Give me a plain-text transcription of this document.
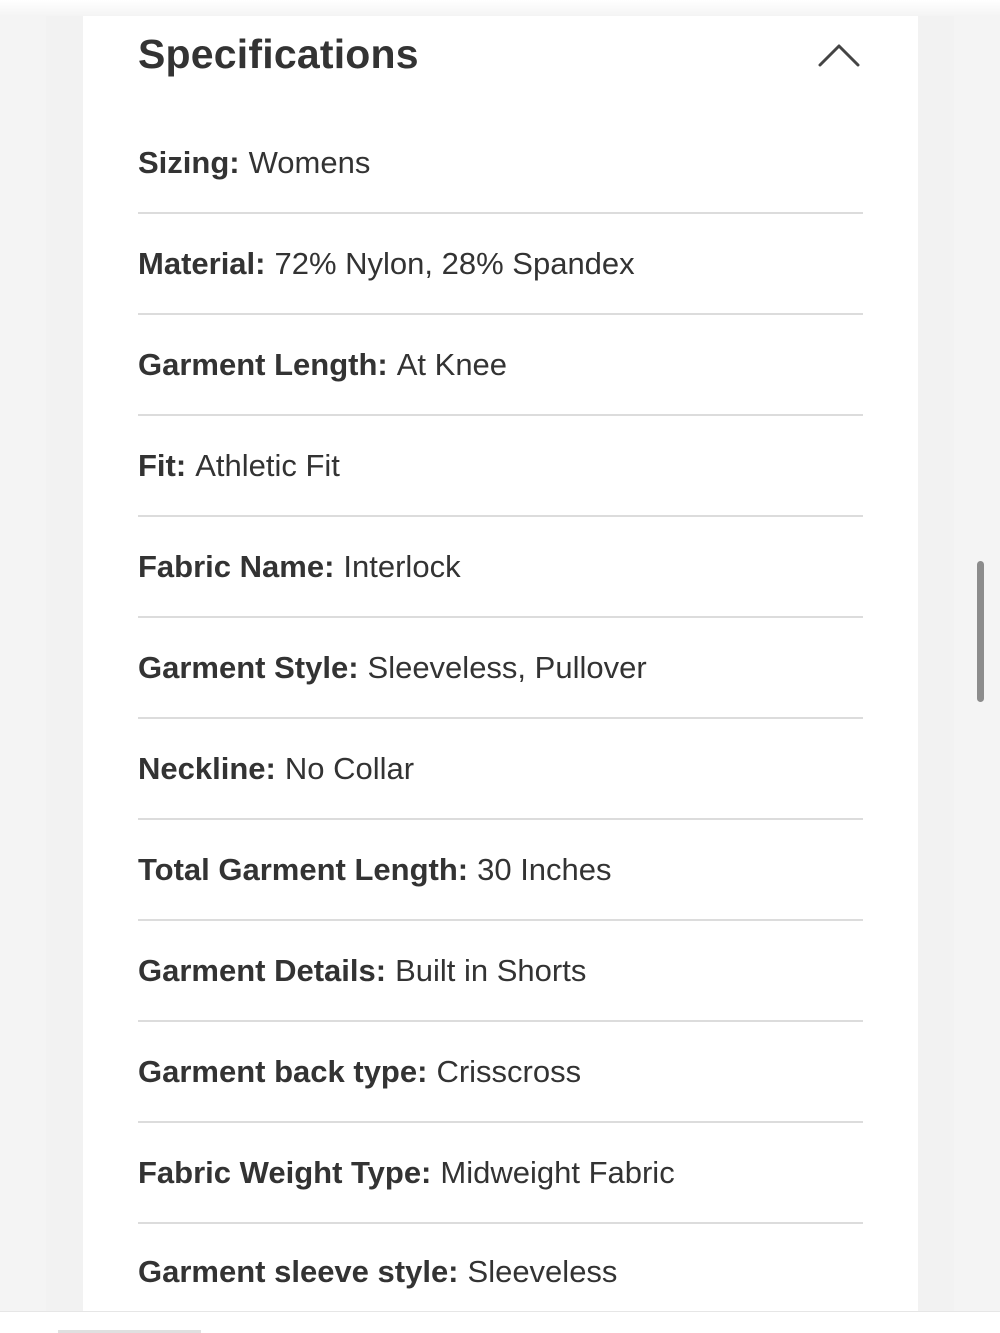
Specifications
Sizing: Womens
Material: 72% Nylon, 28% Spandex
Garment Length: At Knee
Fit: Athletic Fit
Fabric Name: Interlock
Garment Style: Sleeveless, Pullover
Neckline: No Collar
Total Garment Length: 30 Inches
Garment Details: Built in Shorts
Garment back type: Crisscross
Fabric Weight Type: Midweight Fabric
Garment sleeve style: Sleeveless
